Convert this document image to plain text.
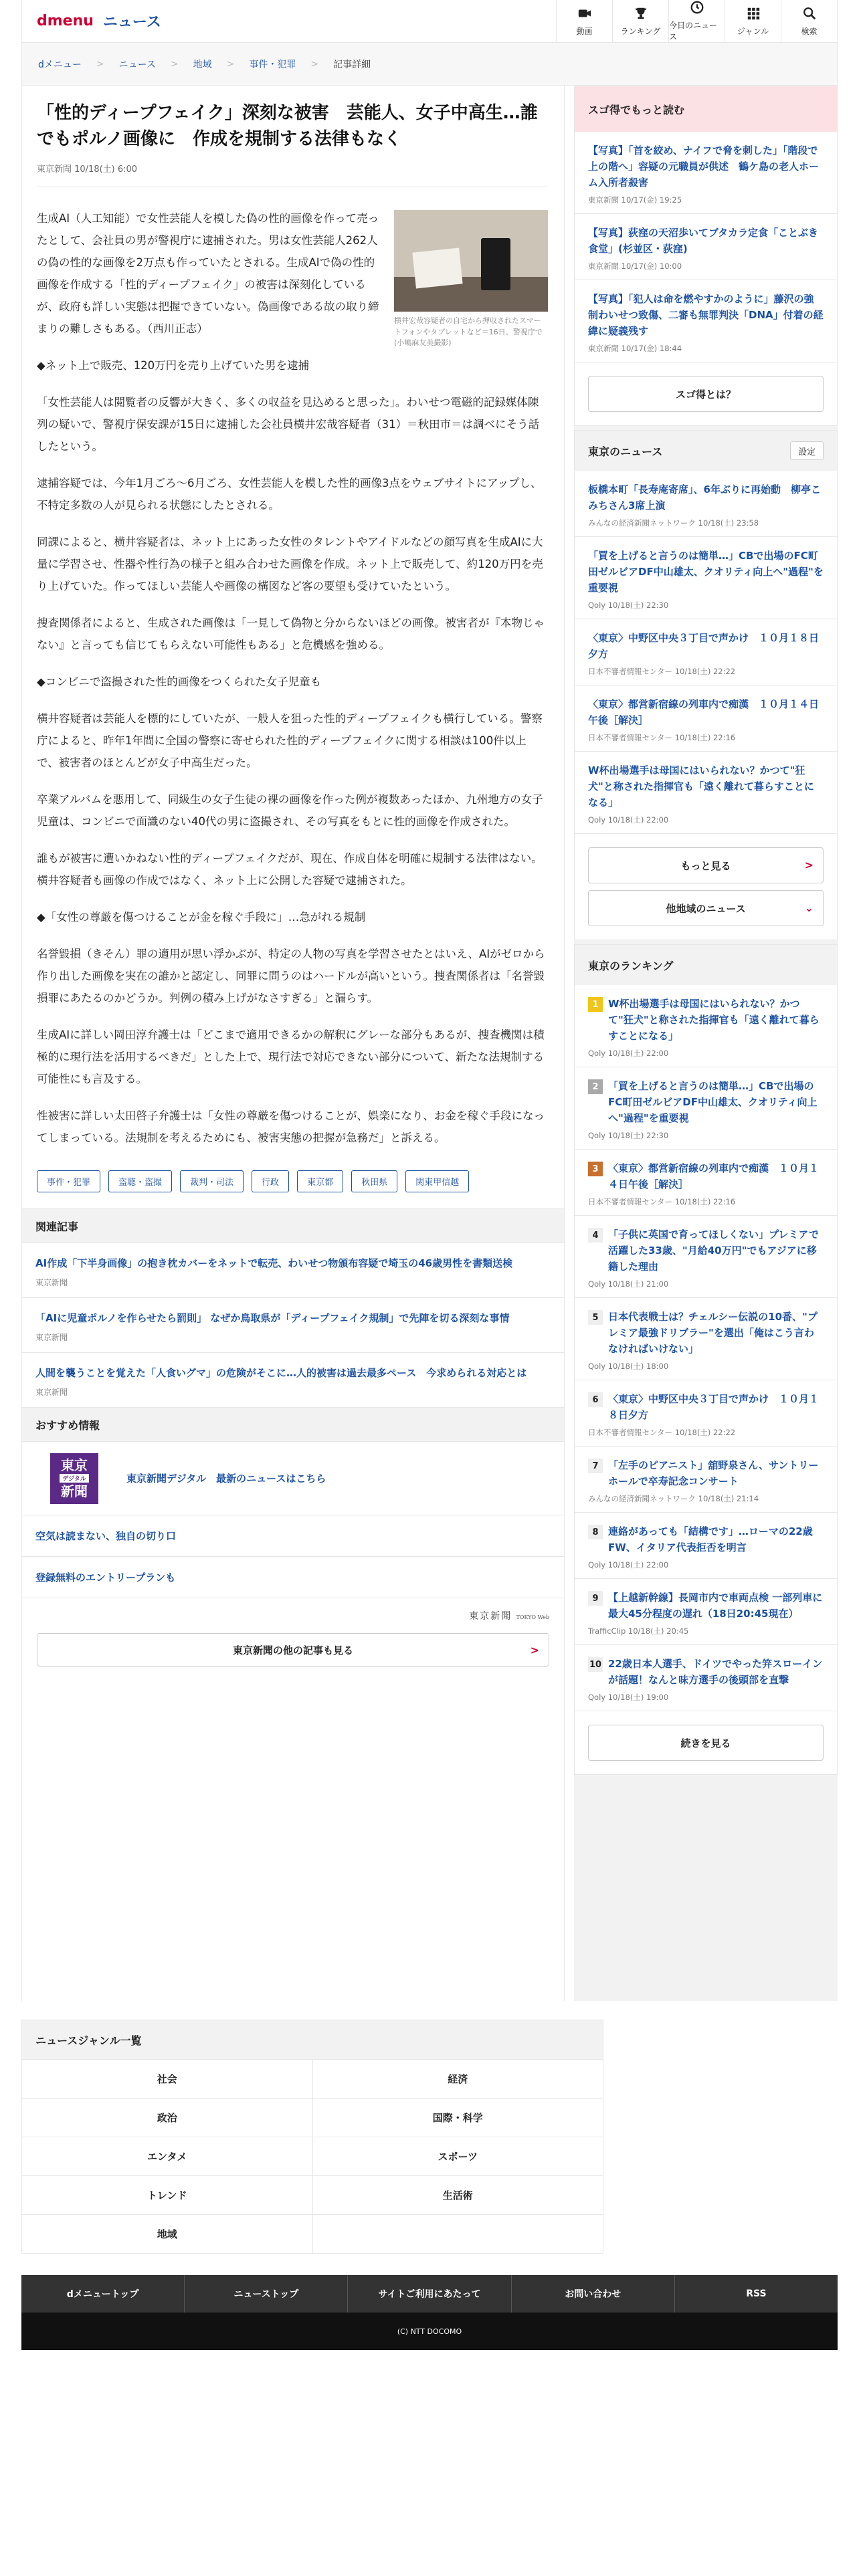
d menu ニュース
動画	ランキング
今日のニュース
ジャンル	検索
dメニュー > ニュース > 地域 > 事件・犯罪 > 記事詳細
「性的ディープフェイク」深刻な被害　芸能人、女子中高生…誰でもポルノ画像に　作成を規制する法律もなく
東京新聞 10/18(土) 6:00
横井宏哉容疑者の自宅から押収されたスマートフォンやタブレットなど＝16日、警視庁で(小嶋麻友美撮影)

生成AI（人工知能）で女性芸能人を模した偽の性的画像を作って売ったとして、会社員の男が警視庁に逮捕された。男は女性芸能人262人の偽の性的な画像を2万点も作っていたとされる。生成AIで偽の性的画像を作成する「性的ディープフェイク」の被害は深刻化しているが、政府も詳しい実態は把握できていない。偽画像である故の取り締まりの難しさもある。（西川正志）

◆ネット上で販売、120万円を売り上げていた男を逮捕

「女性芸能人は閲覧者の反響が大きく、多くの収益を見込めると思った」。わいせつ電磁的記録媒体陳列の疑いで、警視庁保安課が15日に逮捕した会社員横井宏哉容疑者（31）＝秋田市＝は調べにそう話したという。

逮捕容疑では、今年1月ごろ〜6月ごろ、女性芸能人を模した性的画像3点をウェブサイトにアップし、不特定多数の人が見られる状態にしたとされる。

同課によると、横井容疑者は、ネット上にあった女性のタレントやアイドルなどの顔写真を生成AIに大量に学習させ、性器や性行為の様子と組み合わせた画像を作成。ネット上で販売して、約120万円を売り上げていた。作ってほしい芸能人や画像の構図など客の要望も受けていたという。

捜査関係者によると、生成された画像は「一見して偽物と分からないほどの画像。被害者が『本物じゃない』と言っても信じてもらえない可能性もある」と危機感を強める。

◆コンビニで盗撮された性的画像をつくられた女子児童も

横井容疑者は芸能人を標的にしていたが、一般人を狙った性的ディープフェイクも横行している。警察庁によると、昨年1年間に全国の警察に寄せられた性的ディープフェイクに関する相談は100件以上で、被害者のほとんどが女子中高生だった。

卒業アルバムを悪用して、同級生の女子生徒の裸の画像を作った例が複数あったほか、九州地方の女子児童は、コンビニで面識のない40代の男に盗撮され、その写真をもとに性的画像を作成された。

誰もが被害に遭いかねない性的ディープフェイクだが、現在、作成自体を明確に規制する法律はない。横井容疑者も画像の作成ではなく、ネット上に公開した容疑で逮捕された。

◆「女性の尊厳を傷つけることが金を稼ぐ手段に」…急がれる規制

名誉毀損（きそん）罪の適用が思い浮かぶが、特定の人物の写真を学習させたとはいえ、AIがゼロから作り出した画像を実在の誰かと認定し、同罪に問うのはハードルが高いという。捜査関係者は「名誉毀損罪にあたるのかどうか。判例の積み上げがなさすぎる」と漏らす。

生成AIに詳しい岡田淳弁護士は「どこまで適用できるかの解釈にグレーな部分もあるが、捜査機関は積極的に現行法を活用するべきだ」とした上で、現行法で対応できない部分について、新たな法規制する可能性にも言及する。

性被害に詳しい太田啓子弁護士は「女性の尊厳を傷つけることが、娯楽になり、お金を稼ぐ手段になってしまっている。法規制を考えるためにも、被害実態の把握が急務だ」と訴える。

事件・犯罪	盗聴・盗撮	裁判・司法	行政	東京都	秋田県	関東甲信越
関連記事
AI作成「下半身画像」の抱き枕カバーをネットで転売、わいせつ物頒布容疑で埼玉の46歳男性を書類送検
東京新聞
「AIに児童ポルノを作らせたら罰則」 なぜか鳥取県が「ディープフェイク規制」で先陣を切る深刻な事情
東京新聞
人間を襲うことを覚えた「人食いグマ」の危険がそこに…人的被害は過去最多ペース　今求められる対応とは
東京新聞
おすすめ情報
東京
デジタル
新聞
東京新聞デジタル　最新のニュースはこちら
空気は読まない、独自の切り口
登録無料のエントリープランも
東京新聞 TOKYO Web
東京新聞の他の記事も見る	>
スゴ得でもっと読む
【写真】「首を絞め、ナイフで脅を刺した」「階段で上の階へ」容疑の元職員が供述　鶴ケ島の老人ホーム入所者殺害
東京新聞 10/17(金) 19:25
【写真】荻窪の天沼歩いてブタカラ定食「ことぶき食堂」(杉並区・荻窪)
東京新聞 10/17(金) 10:00
【写真】「犯人は命を燃やすかのように」藤沢の強制わいせつ致傷、二審も無罪判決「DNA」付着の経緯に疑義残す
東京新聞 10/17(金) 18:44
スゴ得とは？
東京のニュース	設定
板橋本町「長寿庵寄席」、6年ぶりに再始動　柳亭こみちさん3席上演
みんなの経済新聞ネットワーク 10/18(土) 23:58
「買を上げると言うのは簡単…」CBで出場のFC町田ゼルビアDF中山雄太、クオリティ向上へ"過程"を重要視
Qoly 10/18(土) 22:30
〈東京〉中野区中央３丁目で声かけ　１０月１８日夕方
日本不審者情報センター 10/18(土) 22:22
〈東京〉都営新宿線の列車内で痴漢　１０月１４日午後［解決］
日本不審者情報センター 10/18(土) 22:16
W杯出場選手は母国にはいられない？かつて"狂犬"と称された指揮官も「遠く離れて暮らすことになる」
Qoly 10/18(土) 22:00
もっと見る	>
他地域のニュース	⌄
東京のランキング
1 W杯出場選手は母国にはいられない？かつて"狂犬"と称された指揮官も「遠く離れて暮らすことになる」
Qoly 10/18(土) 22:00
2 「買を上げると言うのは簡単…」CBで出場のFC町田ゼルビアDF中山雄太、クオリティ向上へ"過程"を重要視
Qoly 10/18(土) 22:30
3 〈東京〉都営新宿線の列車内で痴漢　１０月１４日午後［解決］
日本不審者情報センター 10/18(土) 22:16
4 「子供に英国で育ってほしくない」プレミアで活躍した33歳、"月給40万円"でもアジアに移籍した理由
Qoly 10/18(土) 21:00
5 日本代表戦士は？チェルシー伝説の10番、"プレミア最強ドリブラー"を選出「俺はこう言わなければいけない」
Qoly 10/18(土) 18:00
6 〈東京〉中野区中央３丁目で声かけ　１０月１８日夕方
日本不審者情報センター 10/18(土) 22:22
7 「左手のピアニスト」舘野泉さん、サントリーホールで卒寿記念コンサート
みんなの経済新聞ネットワーク 10/18(土) 21:14
8 連絡があっても「結構です」…ローマの22歳FW、イタリア代表拒否を明言
Qoly 10/18(土) 22:00
9 【上越新幹線】長岡市内で車両点検 一部列車に最大45分程度の遅れ（18日20:45現在）
TrafficClip 10/18(土) 20:45
10 22歳日本人選手、ドイツでやった笄スローインが話題！なんと味方選手の後頭部を直撃
Qoly 10/18(土) 19:00
続きを見る
ニュースジャンル一覧
社会	経済
政治	国際・科学
エンタメ	スポーツ
トレンド	生活術
地域
dメニュートップ	ニューストップ	サイトご利用にあたって	お問い合わせ	RSS
(C) NTT DOCOMO
